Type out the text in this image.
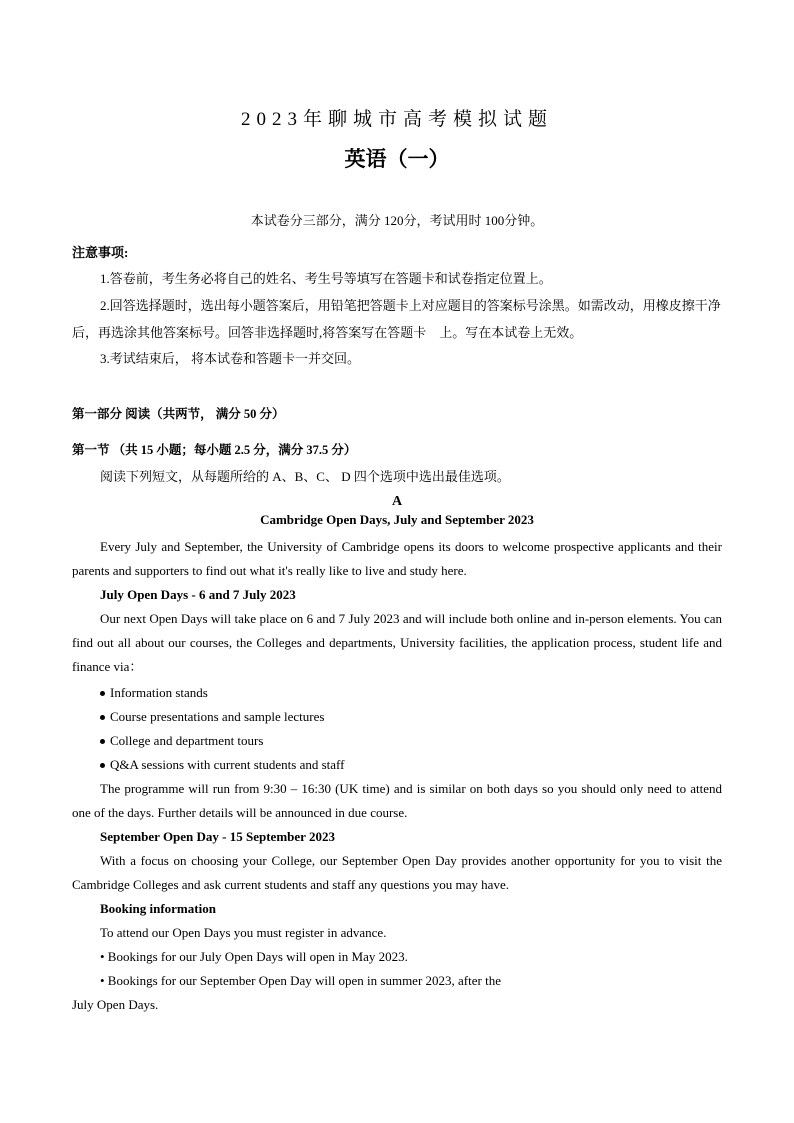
2023年聊城市高考模拟试题
英语（一）
本试卷分三部分，满分 120分，考试用时 100分钟。
注意事项:
1.答卷前，考生务必将自己的姓名、考生号等填写在答题卡和试卷指定位置上。
2.回答选择题时，选出每小题答案后，用铅笔把答题卡上对应题目的答案标号涂黑。如需改动，用橡皮擦干净后，再选涂其他答案标号。回答非选择题时,将答案写在答题卡　上。写在本试卷上无效。
3.考试结束后， 将本试卷和答题卡一并交回。
第一部分 阅读（共两节， 满分 50 分）
第一节 （共 15 小题；每小题 2.5 分，满分 37.5 分）
阅读下列短文，从每题所给的 A、B、C、 D 四个选项中选出最佳选项。
A
Cambridge Open Days, July and September 2023

Every July and September, the University of Cambridge opens its doors to welcome prospective applicants and their parents and supporters to find out what it's really like to live and study here.

July Open Days - 6 and 7 July 2023

Our next Open Days will take place on 6 and 7 July 2023 and will include both online and in-person elements. You can find out all about our courses, the Colleges and departments, University facilities, the application process, student life and finance via：

Information stands

Course presentations and sample lectures

College and department tours

Q&A sessions with current students and staff

The programme will run from 9:30 – 16:30 (UK time) and is similar on both days so you should only need to attend one of the days. Further details will be announced in due course.

September Open Day - 15 September 2023

With a focus on choosing your College, our September Open Day provides another opportunity for you to visit the Cambridge Colleges and ask current students and staff any questions you may have.

Booking information

To attend our Open Days you must register in advance.

• Bookings for our July Open Days will open in May 2023.

• Bookings for our September Open Day will open in summer 2023, after the

July Open Days.
